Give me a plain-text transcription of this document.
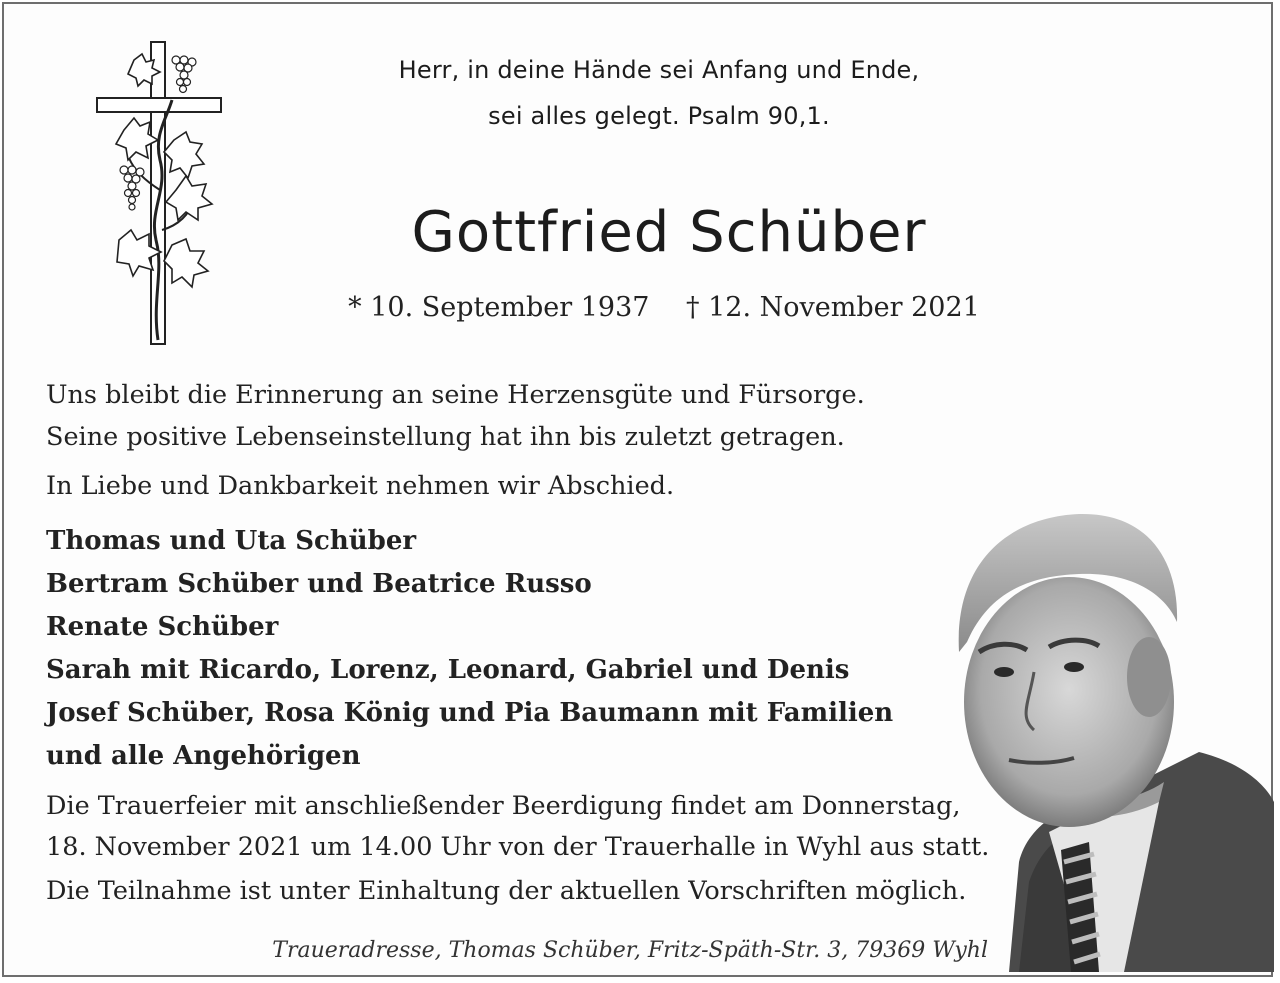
Herr, in deine Hände sei Anfang und Ende,
sei alles gelegt. Psalm 90,1.
Gottfried Schüber
* 10. September 1937 † 12. November 2021
Uns bleibt die Erinnerung an seine Herzensgüte und Fürsorge.
Seine positive Lebenseinstellung hat ihn bis zuletzt getragen.
In Liebe und Dankbarkeit nehmen wir Abschied.
Thomas und Uta Schüber
Bertram Schüber und Beatrice Russo
Renate Schüber
Sarah mit Ricardo, Lorenz, Leonard, Gabriel und Denis
Josef Schüber, Rosa König und Pia Baumann mit Familien
und alle Angehörigen
Die Trauerfeier mit anschließender Beerdigung findet am Donnerstag,
18. November 2021 um 14.00 Uhr von der Trauerhalle in Wyhl aus statt.
Die Teilnahme ist unter Einhaltung der aktuellen Vorschriften möglich.
Traueradresse, Thomas Schüber, Fritz-Späth-Str. 3, 79369 Wyhl
